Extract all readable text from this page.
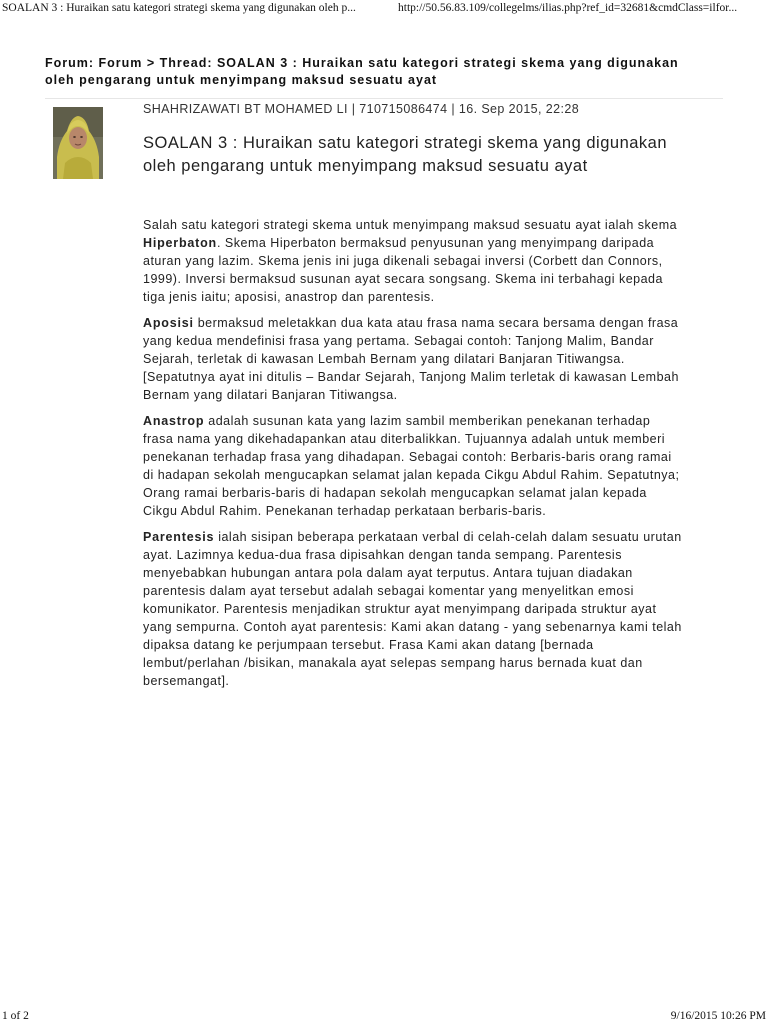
SOALAN 3 : Huraikan satu kategori strategi skema yang digunakan oleh p...	http://50.56.83.109/collegelms/ilias.php?ref_id=32681&cmdClass=ilfor...
Forum: Forum > Thread: SOALAN 3 : Huraikan satu kategori strategi skema yang digunakan oleh pengarang untuk menyimpang maksud sesuatu ayat
SHAHRIZAWATI BT MOHAMED LI | 710715086474 | 16. Sep 2015, 22:28
SOALAN 3 : Huraikan satu kategori strategi skema yang digunakan oleh pengarang untuk menyimpang maksud sesuatu ayat

Salah satu kategori strategi skema untuk menyimpang maksud sesuatu ayat ialah skema Hiperbaton. Skema Hiperbaton bermaksud penyusunan yang menyimpang daripada aturan yang lazim. Skema jenis ini juga dikenali sebagai inversi (Corbett dan Connors, 1999). Inversi bermaksud susunan ayat secara songsang. Skema ini terbahagi kepada tiga jenis iaitu; aposisi, anastrop dan parentesis.

Aposisi bermaksud meletakkan dua kata atau frasa nama secara bersama dengan frasa yang kedua mendefinisi frasa yang pertama. Sebagai contoh: Tanjong Malim, Bandar Sejarah, terletak di kawasan Lembah Bernam yang dilatari Banjaran Titiwangsa. [Sepatutnya ayat ini ditulis – Bandar Sejarah, Tanjong Malim terletak di kawasan Lembah Bernam yang dilatari Banjaran Titiwangsa.

Anastrop adalah susunan kata yang lazim sambil memberikan penekanan terhadap frasa nama yang dikehadapankan atau diterbalikkan. Tujuannya adalah untuk memberi penekanan terhadap frasa yang dihadapan. Sebagai contoh: Berbaris-baris orang ramai di hadapan sekolah mengucapkan selamat jalan kepada Cikgu Abdul Rahim. Sepatutnya; Orang ramai berbaris-baris di hadapan sekolah mengucapkan selamat jalan kepada Cikgu Abdul Rahim. Penekanan terhadap perkataan berbaris-baris.

Parentesis ialah sisipan beberapa perkataan verbal di celah-celah dalam sesuatu urutan ayat. Lazimnya kedua-dua frasa dipisahkan dengan tanda sempang. Parentesis menyebabkan hubungan antara pola dalam ayat terputus. Antara tujuan diadakan parentesis dalam ayat tersebut adalah sebagai komentar yang menyelitkan emosi komunikator. Parentesis menjadikan struktur ayat menyimpang daripada struktur ayat yang sempurna. Contoh ayat parentesis: Kami akan datang - yang sebenarnya kami telah dipaksa datang ke perjumpaan tersebut. Frasa Kami akan datang [bernada lembut/perlahan /bisikan, manakala ayat selepas sempang harus bernada kuat dan bersemangat].

1 of 2	9/16/2015 10:26 PM
